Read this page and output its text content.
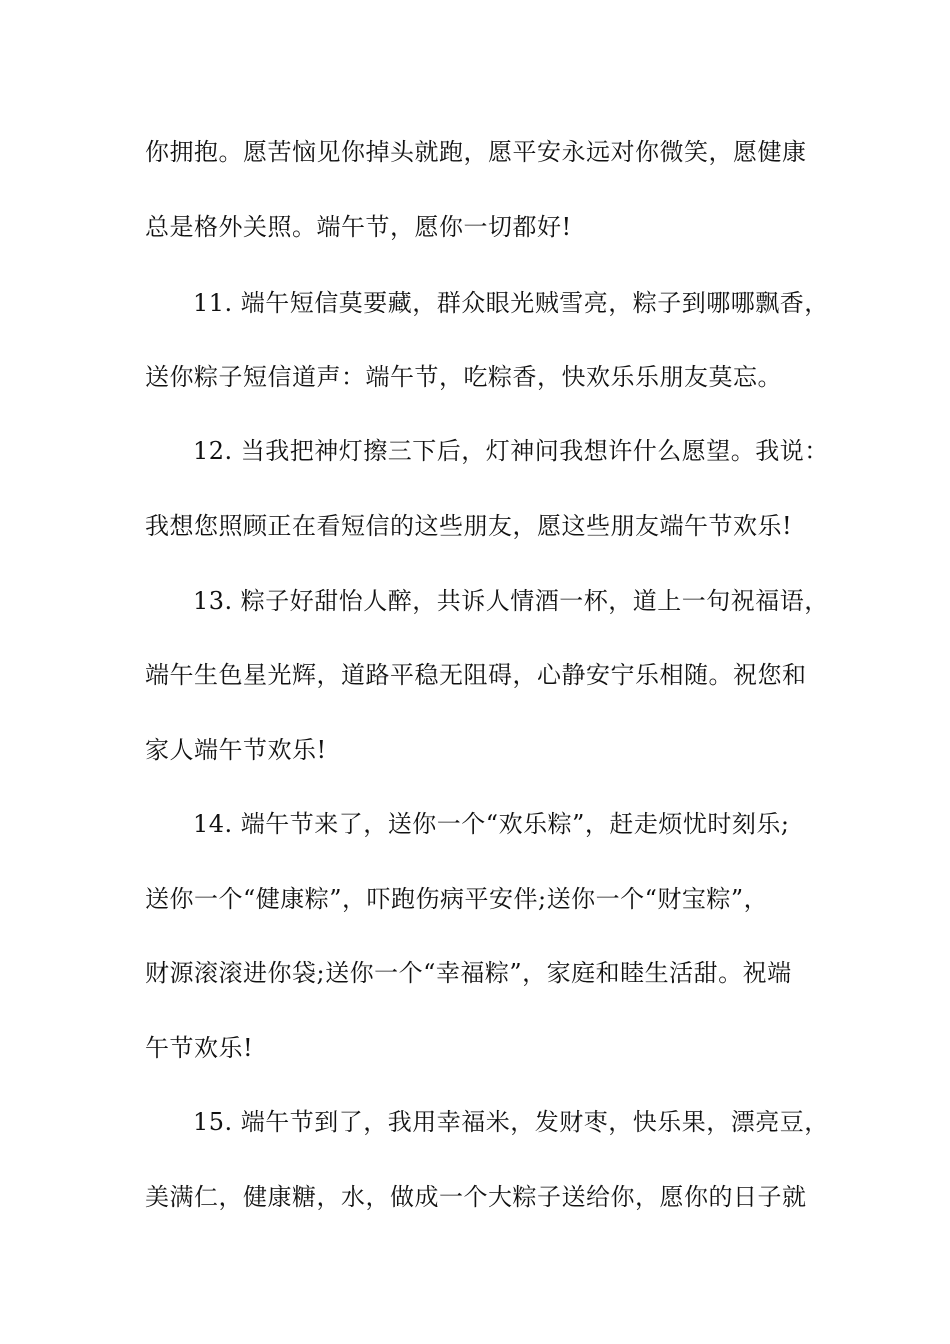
你拥抱。愿苦恼见你掉头就跑，愿平安永远对你微笑，愿健康
总是格外关照。端午节，愿你一切都好!
11. 端午短信莫要藏，群众眼光贼雪亮，粽子到哪哪飘香，
送你粽子短信道声：端午节，吃粽香，快欢乐乐朋友莫忘。
12. 当我把神灯擦三下后，灯神问我想许什么愿望。我说：
我想您照顾正在看短信的这些朋友，愿这些朋友端午节欢乐!
13. 粽子好甜怡人醉，共诉人情酒一杯，道上一句祝福语，
端午生色星光辉，道路平稳无阻碍，心静安宁乐相随。祝您和
家人端午节欢乐!
14. 端午节来了，送你一个“欢乐粽”，赶走烦忧时刻乐;
送你一个“健康粽”，吓跑伤病平安伴;送你一个“财宝粽”，
财源滚滚进你袋;送你一个“幸福粽”，家庭和睦生活甜。祝端
午节欢乐!
15. 端午节到了，我用幸福米，发财枣，快乐果，漂亮豆，
美满仁，健康糖，水，做成一个大粽子送给你，愿你的日子就
